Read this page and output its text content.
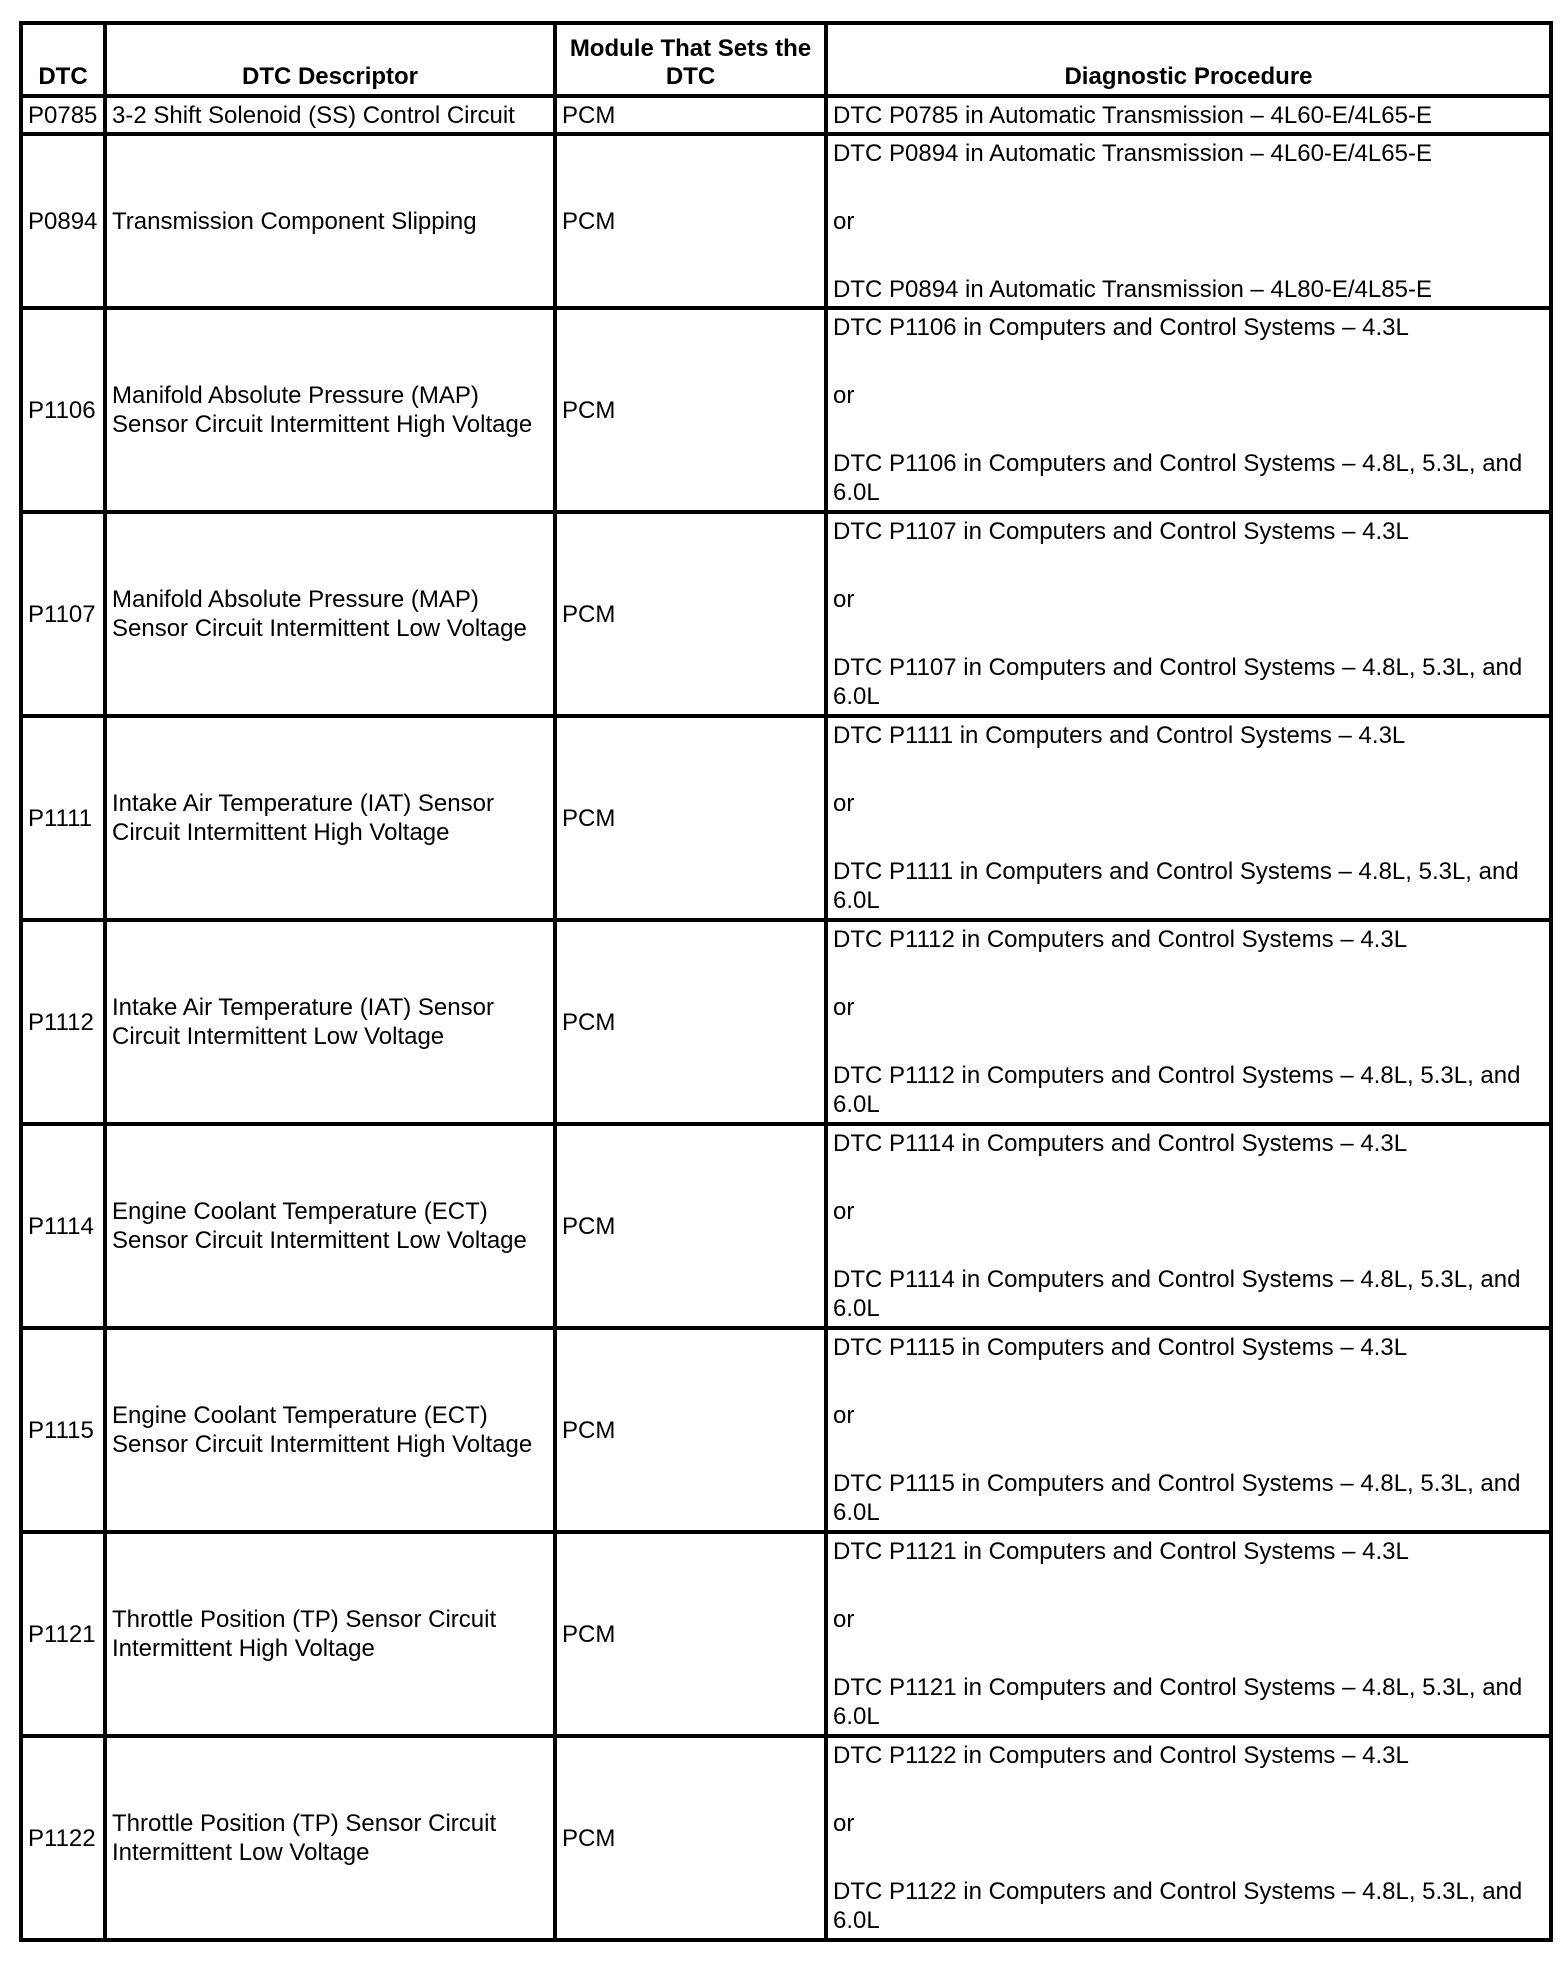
DTC	DTC Descriptor	Module That Sets the DTC	Diagnostic Procedure
P0785	3-2 Shift Solenoid (SS) Control Circuit	PCM	DTC P0785 in Automatic Transmission – 4L60-E/4L65-E

P0894	Transmission Component Slipping	PCM	DTC P0894 in Automatic Transmission – 4L60-E/4L65-E
or
DTC P0894 in Automatic Transmission – 4L80-E/4L85-E

P1106	Manifold Absolute Pressure (MAP) Sensor Circuit Intermittent High Voltage	PCM	DTC P1106 in Computers and Control Systems – 4.3L
or
DTC P1106 in Computers and Control Systems – 4.8L, 5.3L, and 6.0L

P1107	Manifold Absolute Pressure (MAP) Sensor Circuit Intermittent Low Voltage	PCM	DTC P1107 in Computers and Control Systems – 4.3L
or
DTC P1107 in Computers and Control Systems – 4.8L, 5.3L, and 6.0L

P1111	Intake Air Temperature (IAT) Sensor Circuit Intermittent High Voltage	PCM	DTC P1111 in Computers and Control Systems – 4.3L
or
DTC P1111 in Computers and Control Systems – 4.8L, 5.3L, and 6.0L

P1112	Intake Air Temperature (IAT) Sensor Circuit Intermittent Low Voltage	PCM	DTC P1112 in Computers and Control Systems – 4.3L
or
DTC P1112 in Computers and Control Systems – 4.8L, 5.3L, and 6.0L

P1114	Engine Coolant Temperature (ECT) Sensor Circuit Intermittent Low Voltage	PCM	DTC P1114 in Computers and Control Systems – 4.3L
or
DTC P1114 in Computers and Control Systems – 4.8L, 5.3L, and 6.0L

P1115	Engine Coolant Temperature (ECT) Sensor Circuit Intermittent High Voltage	PCM	DTC P1115 in Computers and Control Systems – 4.3L
or
DTC P1115 in Computers and Control Systems – 4.8L, 5.3L, and 6.0L

P1121	Throttle Position (TP) Sensor Circuit Intermittent High Voltage	PCM	DTC P1121 in Computers and Control Systems – 4.3L
or
DTC P1121 in Computers and Control Systems – 4.8L, 5.3L, and 6.0L

P1122	Throttle Position (TP) Sensor Circuit Intermittent Low Voltage	PCM	DTC P1122 in Computers and Control Systems – 4.3L
or
DTC P1122 in Computers and Control Systems – 4.8L, 5.3L, and 6.0L
